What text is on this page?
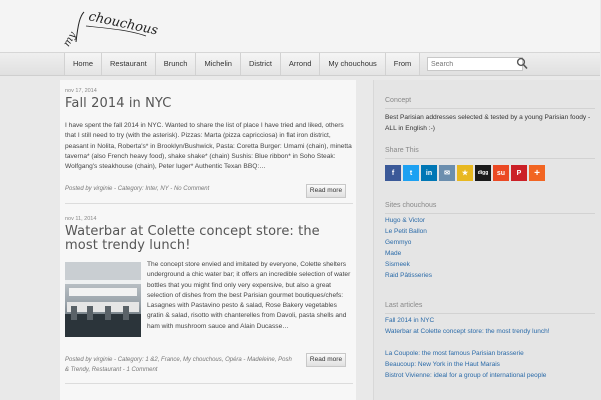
my
chouchous
Home	Restaurant	Brunch	Michelin	District	Arrond	My chouchous	From
Search
nov 17, 2014
Fall 2014 in NYC
I have spent the fall 2014 in NYC. Wanted to share the list of place I have tried and liked, others that I still need to try (with the asterisk). Pizzas: Marta (pizza capricciosa) in flat iron district, peasant in Nolita, Roberta's* in Brooklyn/Bushwick, Pasta: Coretta Burger: Umami (chain), minetta taverna* (also French heavy food), shake shake* (chain) Sushis: Blue ribbon* in Soho Steak: Wolfgang's steakhouse (chain), Peter luger* Authentic Texan BBQ:…
Posted by virginie - Category: Inter, NY - No Comment	Read more
nov 11, 2014
Waterbar at Colette concept store: the most trendy lunch!
The concept store envied and imitated by everyone, Colette shelters underground a chic water bar; it offers an incredible selection of water bottles that you might find only very expensive, but also a great selection of dishes from the best Parisian gourmet boutiques/chefs: Lasagnes with Pastavino pesto & salad, Rose Bakery vegetables gratin & salad, risotto with chanterelles from Davoli, pasta shells and ham with mushroom sauce and Alain Ducasse…
Posted by virginie - Category: 1 &2, France, My chouchous, Opéra - Madeleine, Posh & Trendy, Restaurant - 1 Comment
Read more
Concept
Best Parisian addresses selected & tested by a young Parisian foody - ALL in English :-)
Share This
f	t	in	✉	★	digg	su	P	+
Sites chouchous
Hugo & Victor
Le Petit Ballon
Gemmyo
Made
Sismeek
Raid Pâtisseries
Last articles
Fall 2014 in NYC
Waterbar at Colette concept store: the most trendy lunch!
La Coupole: the most famous Parisian brasserie
Beaucoup: New York in the Haut Marais
Bistrot Vivienne: ideal for a group of international people
